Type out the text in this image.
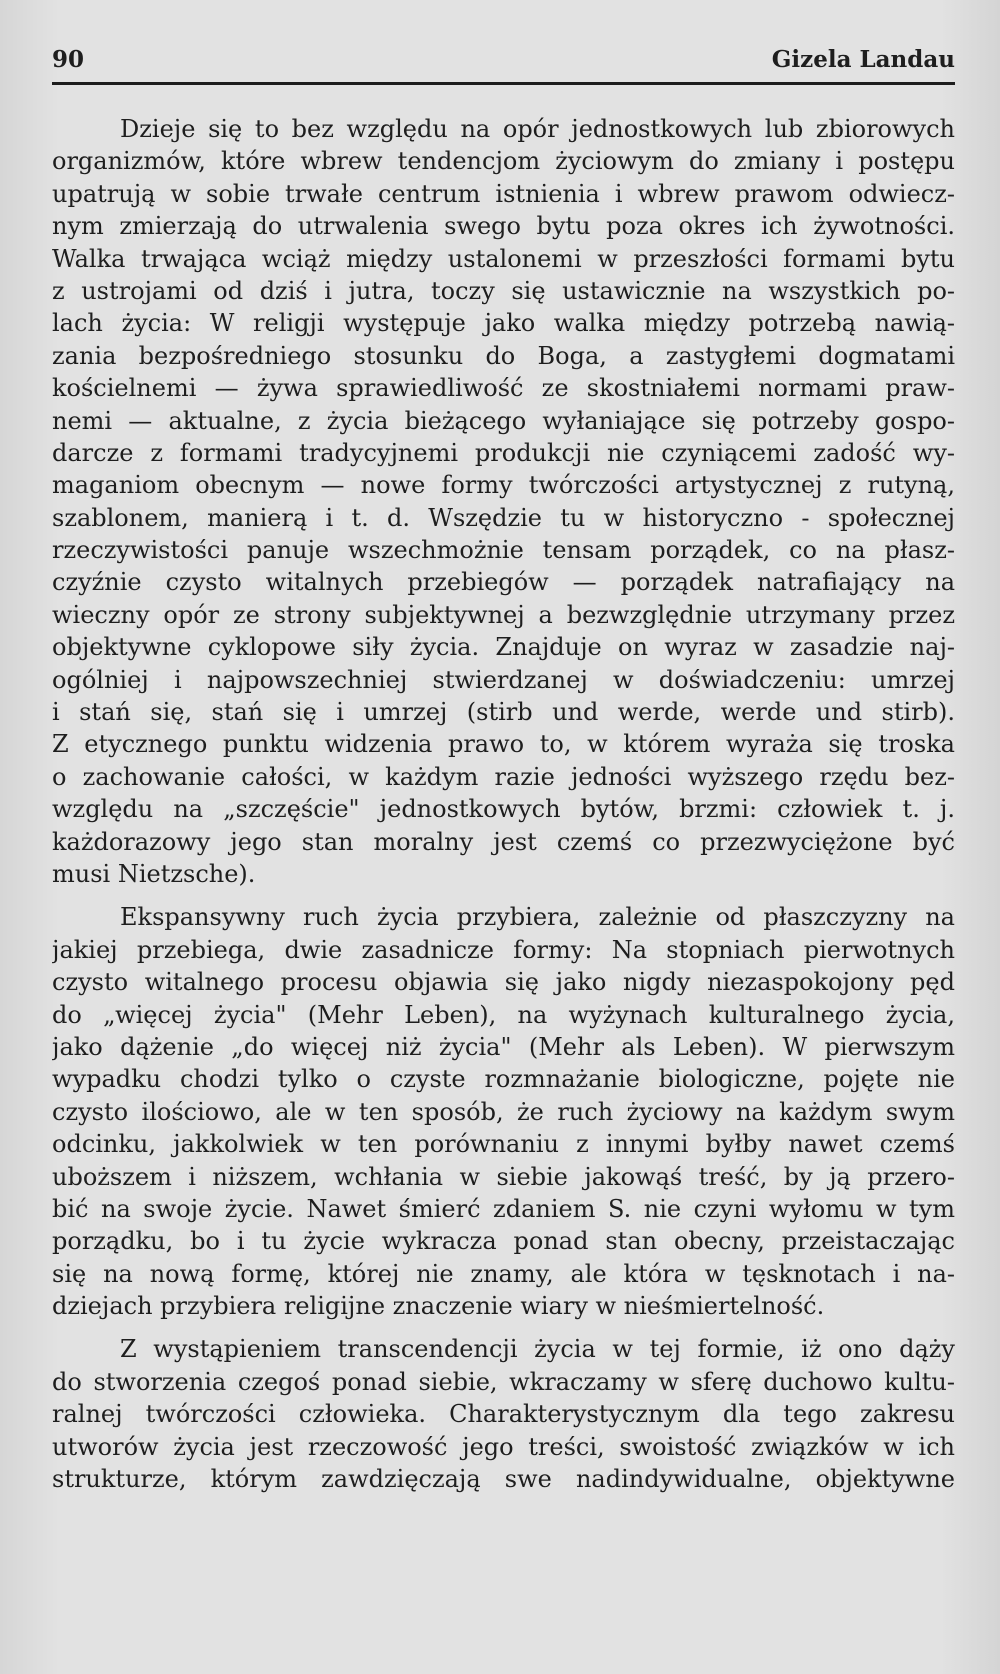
90	Gizela Landau
Dzieje się to bez względu na opór jednostkowych lub zbiorowych
organizmów, które wbrew tendencjom życiowym do zmiany i postępu
upatrują w sobie trwałe centrum istnienia i wbrew prawom odwiecz-
nym zmierzają do utrwalenia swego bytu poza okres ich żywotności.
Walka trwająca wciąż między ustalonemi w przeszłości formami bytu
z ustrojami od dziś i jutra, toczy się ustawicznie na wszystkich po-
lach życia: W religji występuje jako walka między potrzebą nawią-
zania bezpośredniego stosunku do Boga, a zastygłemi dogmatami
kościelnemi — żywa sprawiedliwość ze skostniałemi normami praw-
nemi — aktualne, z życia bieżącego wyłaniające się potrzeby gospo-
darcze z formami tradycyjnemi produkcji nie czyniącemi zadość wy-
maganiom obecnym — nowe formy twórczości artystycznej z rutyną,
szablonem, manierą i t. d. Wszędzie tu w historyczno - społecznej
rzeczywistości panuje wszechmożnie tensam porządek, co na płasz-
czyźnie czysto witalnych przebiegów — porządek natrafiający na
wieczny opór ze strony subjektywnej a bezwzględnie utrzymany przez
objektywne cyklopowe siły życia. Znajduje on wyraz w zasadzie naj-
ogólniej i najpowszechniej stwierdzanej w doświadczeniu: umrzej
i stań się, stań się i umrzej (stirb und werde, werde und stirb).
Z etycznego punktu widzenia prawo to, w którem wyraża się troska
o zachowanie całości, w każdym razie jedności wyższego rzędu bez-
względu na „szczęście" jednostkowych bytów, brzmi: człowiek t. j.
każdorazowy jego stan moralny jest czemś co przezwyciężone być
musi Nietzsche).
Ekspansywny ruch życia przybiera, zależnie od płaszczyzny na
jakiej przebiega, dwie zasadnicze formy: Na stopniach pierwotnych
czysto witalnego procesu objawia się jako nigdy niezaspokojony pęd
do „więcej życia" (Mehr Leben), na wyżynach kulturalnego życia,
jako dążenie „do więcej niż życia" (Mehr als Leben). W pierwszym
wypadku chodzi tylko o czyste rozmnażanie biologiczne, pojęte nie
czysto ilościowo, ale w ten sposób, że ruch życiowy na każdym swym
odcinku, jakkolwiek w ten porównaniu z innymi byłby nawet czemś
uboższem i niższem, wchłania w siebie jakowąś treść, by ją przero-
bić na swoje życie. Nawet śmierć zdaniem S. nie czyni wyłomu w tym
porządku, bo i tu życie wykracza ponad stan obecny, przeistaczając
się na nową formę, której nie znamy, ale która w tęsknotach i na-
dziejach przybiera religijne znaczenie wiary w nieśmiertelność.
Z wystąpieniem transcendencji życia w tej formie, iż ono dąży
do stworzenia czegoś ponad siebie, wkraczamy w sferę duchowo kultu-
ralnej twórczości człowieka. Charakterystycznym dla tego zakresu
utworów życia jest rzeczowość jego treści, swoistość związków w ich
strukturze, którym zawdzięczają swe nadindywidualne, objektywne
